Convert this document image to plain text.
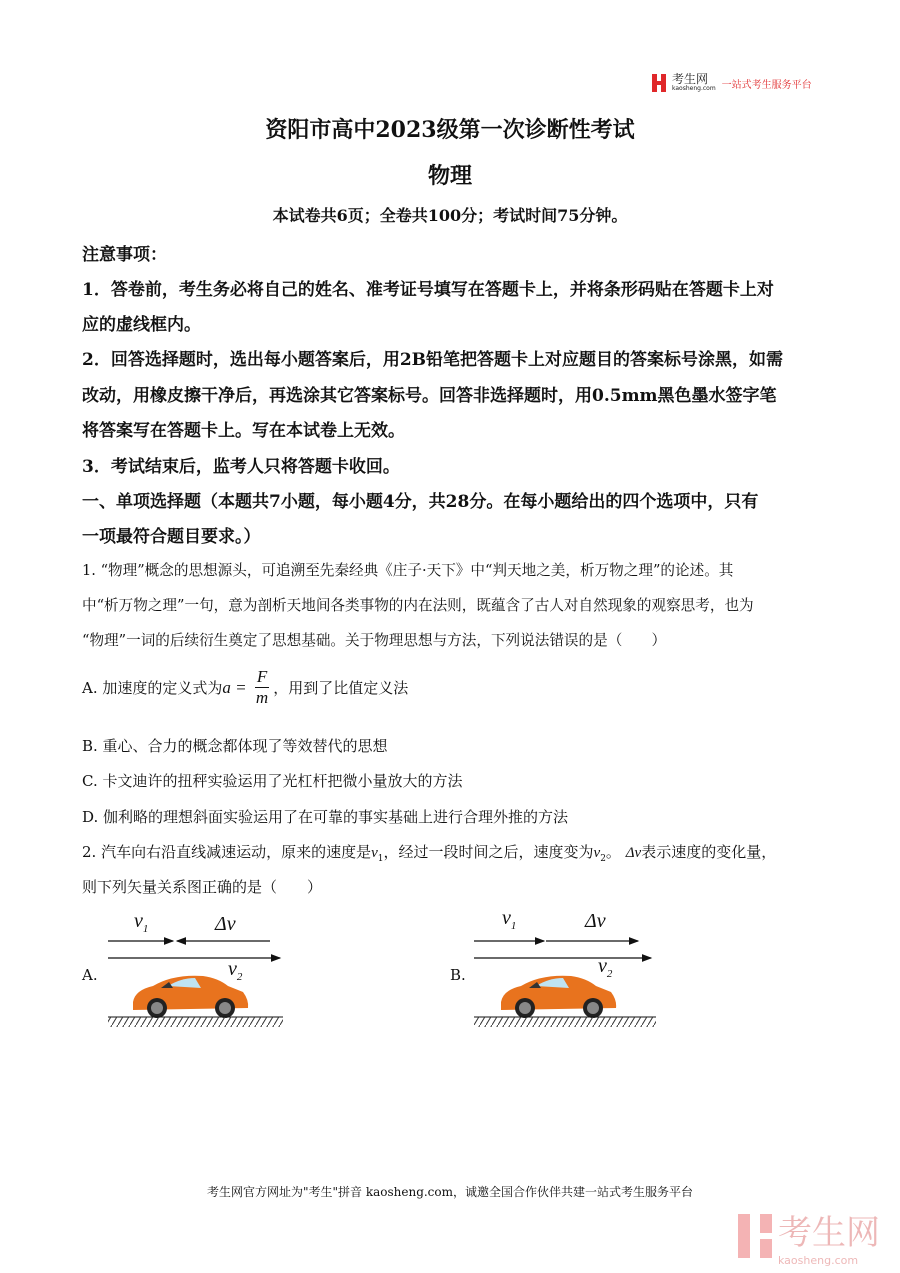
考生网
kaosheng.com 一站式考生服务平台
资阳市高中2023级第一次诊断性考试
物理
本试卷共6页；全卷共100分；考试时间75分钟。
注意事项：
1．答卷前，考生务必将自己的姓名、准考证号填写在答题卡上，并将条形码贴在答题卡上对
应的虚线框内。
2．回答选择题时，选出每小题答案后，用2B铅笔把答题卡上对应题目的答案标号涂黑，如需
改动，用橡皮擦干净后，再选涂其它答案标号。回答非选择题时，用0.5mm黑色墨水签字笔
将答案写在答题卡上。写在本试卷上无效。
3．考试结束后，监考人只将答题卡收回。
一、单项选择题（本题共7小题，每小题4分，共28分。在每小题给出的四个选项中，只有
一项最符合题目要求。）
1. “物理”概念的思想源头，可追溯至先秦经典《庄子·天下》中“判天地之美，析万物之理”的论述。其
中“析万物之理”一句，意为剖析天地间各类事物的内在法则，既蕴含了古人对自然现象的观察思考，也为
“物理”一词的后续衍生奠定了思想基础。关于物理思想与方法，下列说法错误的是（　　）
A. 加速度的定义式为 $a = \frac{F}{m}$ ，用到了比值定义法
B. 重心、合力的概念都体现了等效替代的思想
C. 卡文迪许的扭秤实验运用了光杠杆把微小量放大的方法
D. 伽利略的理想斜面实验运用了在可靠的事实基础上进行合理外推的方法
2. 汽车向右沿直线减速运动，原来的速度是$v_1$，经过一段时间之后，速度变为$v_2$。 Δv表示速度的变化量，
则下列矢量关系图正确的是（　　）
A.
$v_1$	Δv
$v_2$	B.
$v_1$	Δv
$v_2$
考生网官方网址为"考生"拼音 kaosheng.com，诚邀全国合作伙伴共建一站式考生服务平台
考生网
kaosheng.com
